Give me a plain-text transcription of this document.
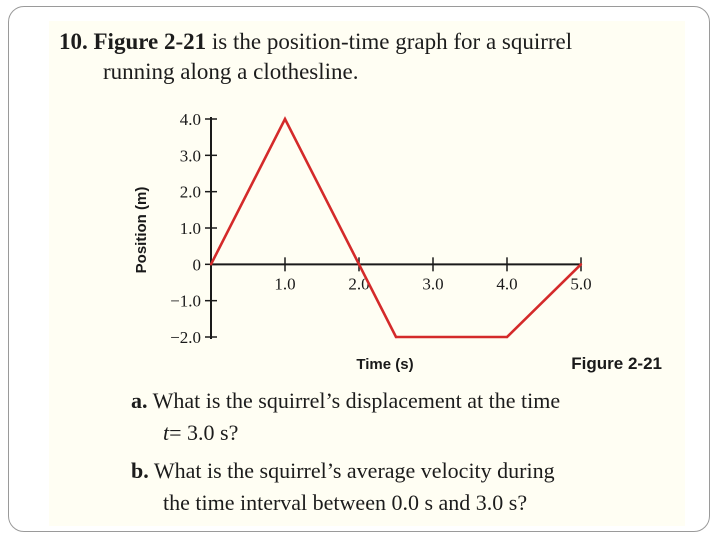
10. Figure 2-21 is the position-time graph for a squirrel
running along a clothesline.
4.0
3.0
2.0
1.0
0
−1.0
−2.0
1.0	2.0	3.0	4.0	5.0
Position (m)
Time (s)	Figure 2-21
a. What is the squirrel’s displacement at the time
t= 3.0 s?
b. What is the squirrel’s average velocity during
the time interval between 0.0 s and 3.0 s?
